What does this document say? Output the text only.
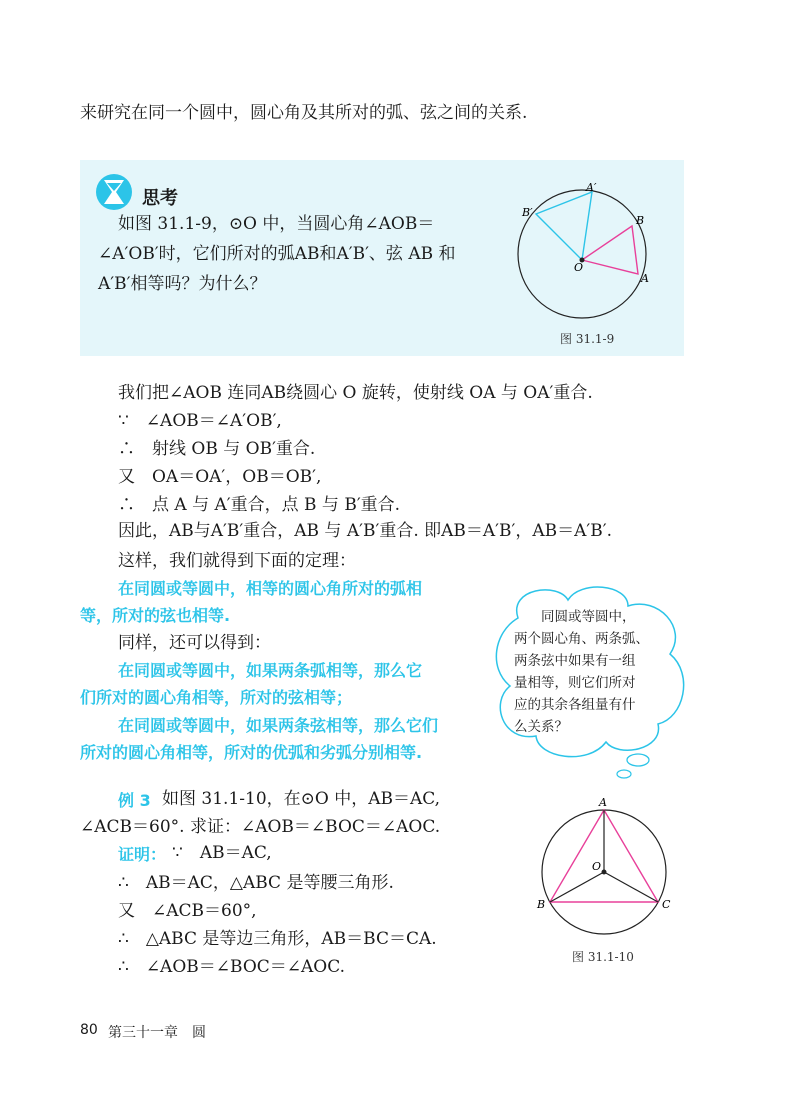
来研究在同一个圆中，圆心角及其所对的弧、弦之间的关系.
思考
如图 31.1-9，⊙O 中，当圆心角∠AOB＝
∠A′OB′时，它们所对的弧AB和A′B′、弦 AB 和
A′B′相等吗？为什么？
A′
B′
B
A
O
图 31.1-9
我们把∠AOB 连同AB绕圆心 O 旋转，使射线 OA 与 OA′重合.
∵　∠AOB＝∠A′OB′,
∴　射线 OB 与 OB′重合.
又　OA＝OA′，OB＝OB′,
∴　点 A 与 A′重合，点 B 与 B′重合.
因此，AB与A′B′重合，AB 与 A′B′重合. 即AB＝A′B′，AB＝A′B′.
这样，我们就得到下面的定理：
在同圆或等圆中，相等的圆心角所对的弧相
等，所对的弦也相等.
同样，还可以得到：
在同圆或等圆中，如果两条弧相等，那么它
们所对的圆心角相等，所对的弦相等；
在同圆或等圆中，如果两条弦相等，那么它们
所对的圆心角相等，所对的优弧和劣弧分别相等.
　　同圆或等圆中，
两个圆心角、两条弧、
两条弦中如果有一组
量相等，则它们所对
应的其余各组量有什
么关系？
例 3 如图 31.1-10，在⊙O 中，AB＝AC,
∠ACB＝60°. 求证：∠AOB＝∠BOC＝∠AOC.
证明： ∵　AB＝AC,
∴　AB＝AC，△ABC 是等腰三角形.
又　∠ACB＝60°,
∴　△ABC 是等边三角形，AB＝BC＝CA.
∴　∠AOB＝∠BOC＝∠AOC.
A
B	C
O
图 31.1-10
80 第三十一章　圆
